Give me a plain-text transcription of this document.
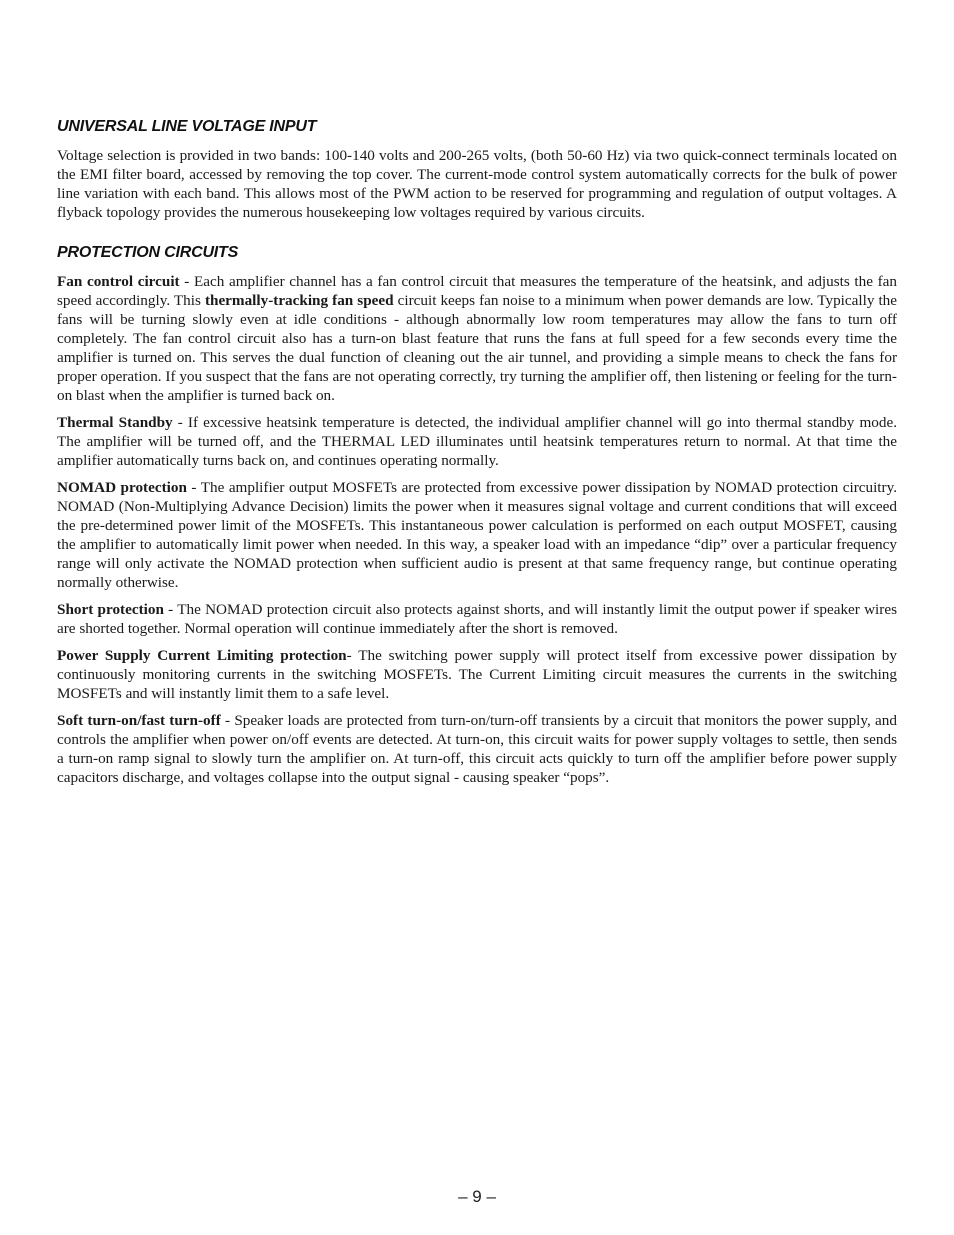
UNIVERSAL LINE VOLTAGE INPUT

Voltage selection is provided in two bands: 100-140 volts and 200-265 volts, (both 50-60 Hz) via two quick-connect terminals located on the EMI filter board, accessed by removing the top cover. The current-mode control system automatically corrects for the bulk of power line variation with each band. This allows most of the PWM action to be reserved for programming and regulation of output voltages. A flyback topology provides the numerous housekeeping low voltages required by various circuits.

PROTECTION CIRCUITS

Fan control circuit - Each amplifier channel has a fan control circuit that measures the temperature of the heatsink, and adjusts the fan speed accordingly. This thermally-tracking fan speed circuit keeps fan noise to a minimum when power demands are low. Typically the fans will be turning slowly even at idle conditions - although abnormally low room temperatures may allow the fans to turn off completely. The fan control circuit also has a turn-on blast feature that runs the fans at full speed for a few seconds every time the amplifier is turned on. This serves the dual function of cleaning out the air tunnel, and providing a simple means to check the fans for proper operation. If you suspect that the fans are not operating correctly, try turning the amplifier off, then listening or feeling for the turn-on blast when the amplifier is turned back on.

Thermal Standby - If excessive heatsink temperature is detected, the individual amplifier channel will go into thermal standby mode. The amplifier will be turned off, and the THERMAL LED illuminates until heatsink temperatures return to normal. At that time the amplifier automatically turns back on, and continues operating normally.

NOMAD protection - The amplifier output MOSFETs are protected from excessive power dissipation by NOMAD protection circuitry. NOMAD (Non-Multiplying Advance Decision) limits the power when it measures signal voltage and current conditions that will exceed the pre-determined power limit of the MOSFETs. This instantaneous power calculation is performed on each output MOSFET, causing the amplifier to automatically limit power when needed. In this way, a speaker load with an impedance “dip” over a particular frequency range will only activate the NOMAD protection when sufficient audio is present at that same frequency range, but continue operating normally otherwise.

Short protection - The NOMAD protection circuit also protects against shorts, and will instantly limit the output power if speaker wires are shorted together. Normal operation will continue immediately after the short is removed.

Power Supply Current Limiting protection- The switching power supply will protect itself from excessive power dissipation by continuously monitoring currents in the switching MOSFETs. The Current Limiting circuit measures the currents in the switching MOSFETs and will instantly limit them to a safe level.

Soft turn-on/fast turn-off - Speaker loads are protected from turn-on/turn-off transients by a circuit that monitors the power supply, and controls the amplifier when power on/off events are detected. At turn-on, this circuit waits for power supply voltages to settle, then sends a turn-on ramp signal to slowly turn the amplifier on. At turn-off, this circuit acts quickly to turn off the amplifier before power supply capacitors discharge, and voltages collapse into the output signal - causing speaker “pops”.

– 9 –
